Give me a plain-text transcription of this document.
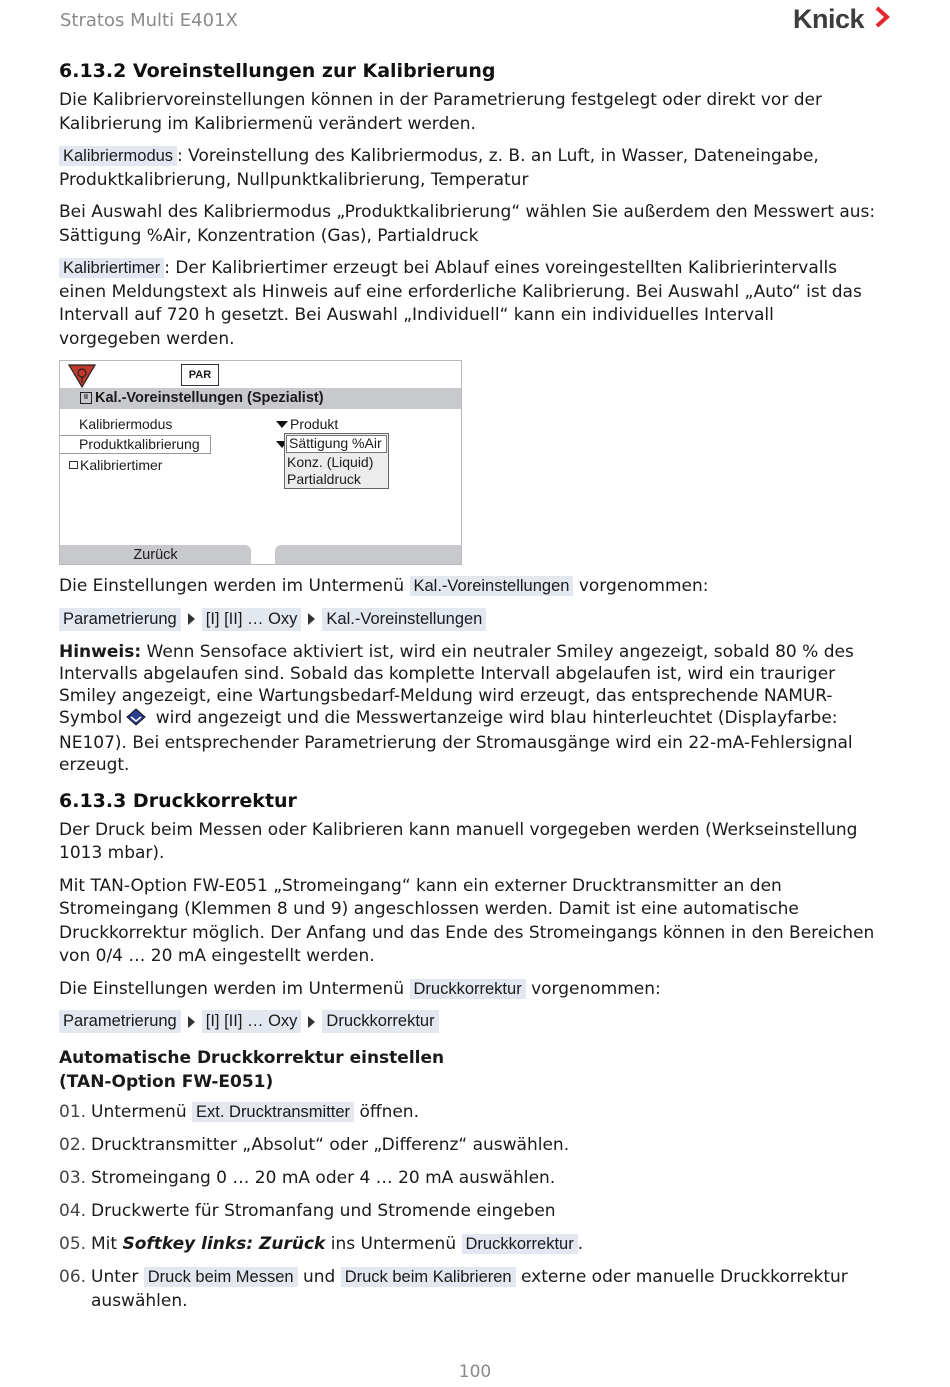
Stratos Multi E401X	Knick
6.13.2 Voreinstellungen zur Kalibrierung

Die Kalibriervoreinstellungen können in der Parametrierung festgelegt oder direkt vor der Kalibrierung im Kalibriermenü verändert werden.

Kalibriermodus : Voreinstellung des Kalibriermodus, z. B. an Luft, in Wasser, Dateneingabe, Produktkalibrierung, Nullpunktkalibrierung, Temperatur

Bei Auswahl des Kalibriermodus „Produktkalibrierung“ wählen Sie außerdem den Messwert aus: Sättigung %Air, Konzentration (Gas), Partialdruck

Kalibriertimer : Der Kalibriertimer erzeugt bei Ablauf eines voreingestellten Kalibrierintervalls einen Meldungstext als Hinweis auf eine erforderliche Kalibrierung. Bei Auswahl „Auto“ ist das Intervall auf 720 h gesetzt. Bei Auswahl „Individuell“ kann ein individuelles Intervall vorgegeben werden.

PAR
II Kal.-Voreinstellungen (Spezialist)
Kalibriermodus	Produkt
Produktkalibrierung
Kalibriertimer
Sättigung %Air
Konz. (Liquid)
Partialdruck
Zurück

Die Einstellungen werden im Untermenü Kal.-Voreinstellungen vorgenommen:

Parametrierung [I] [II] … Oxy Kal.-Voreinstellungen

Hinweis: Wenn Sensoface aktiviert ist, wird ein neutraler Smiley angezeigt, sobald 80 % des Intervalls abgelaufen sind. Sobald das komplette Intervall abgelaufen ist, wird ein trauriger Smiley angezeigt, eine Wartungsbedarf-Meldung wird erzeugt, das entsprechende NAMUR-Symbol wird angezeigt und die Messwertanzeige wird blau hinterleuchtet (Displayfarbe: NE107). Bei entsprechender Parametrierung der Stromausgänge wird ein 22-mA-Fehlersignal erzeugt.

6.13.3 Druckkorrektur

Der Druck beim Messen oder Kalibrieren kann manuell vorgegeben werden (Werkseinstellung 1013 mbar).

Mit TAN-Option FW-E051 „Stromeingang“ kann ein externer Drucktransmitter an den Stromeingang (Klemmen 8 und 9) angeschlossen werden. Damit ist eine automatische Druckkorrektur möglich. Der Anfang und das Ende des Stromeingangs können in den Bereichen von 0/4 … 20 mA eingestellt werden.

Die Einstellungen werden im Untermenü Druckkorrektur vorgenommen:

Parametrierung [I] [II] … Oxy Druckkorrektur

Automatische Druckkorrektur einstellen
(TAN-Option FW-E051)

01. Untermenü Ext. Drucktransmitter öffnen.
02. Drucktransmitter „Absolut“ oder „Differenz“ auswählen.
03. Stromeingang 0 … 20 mA oder 4 … 20 mA auswählen.
04. Druckwerte für Stromanfang und Stromende eingeben
05. Mit Softkey links: Zurück ins Untermenü Druckkorrektur .
06. Unter Druck beim Messen und Druck beim Kalibrieren externe oder manuelle Druckkorrektur auswählen.
100
